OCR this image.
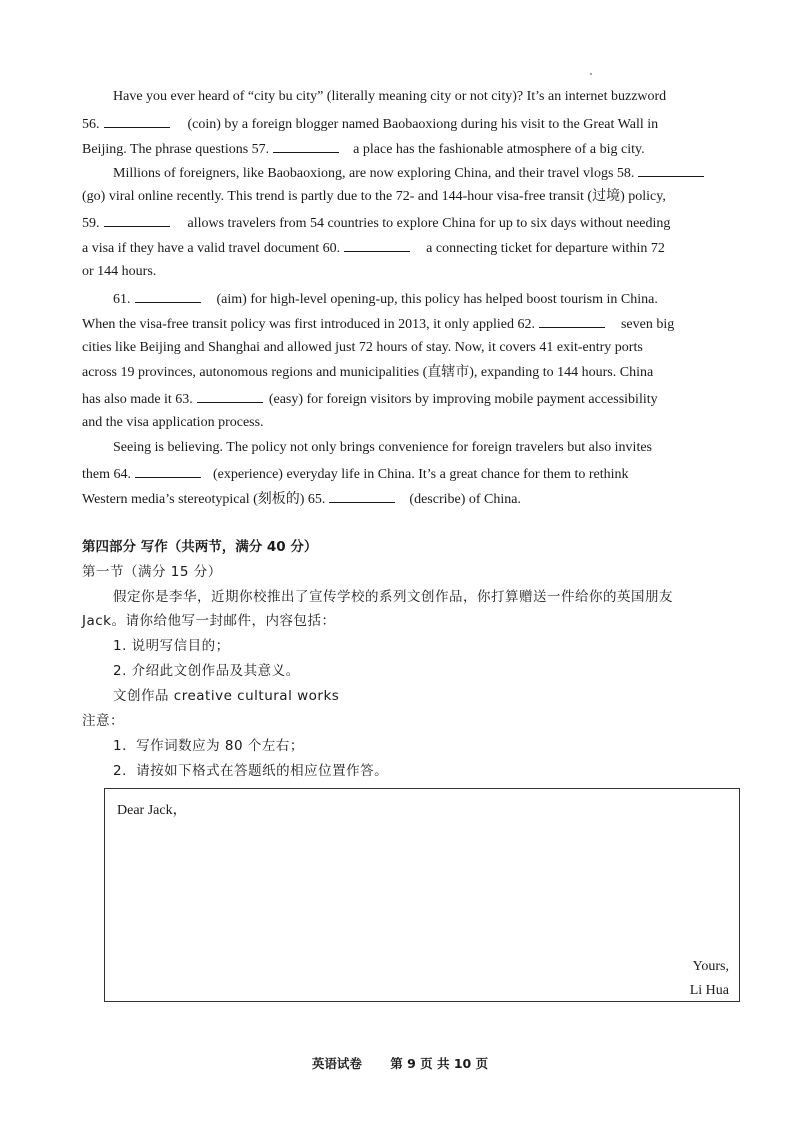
Have you ever heard of “city bu city” (literally meaning city or not city)? It’s an internet buzzword
56.	(coin) by a foreign blogger named Baobaoxiong during his visit to the Great Wall in
Beijing. The phrase questions 57.	a place has the fashionable atmosphere of a big city.
Millions of foreigners, like Baobaoxiong, are now exploring China, and their travel vlogs 58.
(go) viral online recently. This trend is partly due to the 72- and 144-hour visa-free transit (过境) policy,
59.	allows travelers from 54 countries to explore China for up to six days without needing
a visa if they have a valid travel document 60.	a connecting ticket for departure within 72
or 144 hours.
61.	(aim) for high-level opening-up, this policy has helped boost tourism in China.
When the visa-free transit policy was first introduced in 2013, it only applied 62.	seven big
cities like Beijing and Shanghai and allowed just 72 hours of stay. Now, it covers 41 exit-entry ports
across 19 provinces, autonomous regions and municipalities (直辖市), expanding to 144 hours. China
has also made it 63.	(easy) for foreign visitors by improving mobile payment accessibility
and the visa application process.
Seeing is believing. The policy not only brings convenience for foreign travelers but also invites
them 64.	(experience) everyday life in China. It’s a great chance for them to rethink
Western media’s stereotypical (刻板的) 65.	(describe) of China.
第四部分 写作（共两节，满分 40 分）
第一节（满分 15 分）
假定你是李华，近期你校推出了宣传学校的系列文创作品，你打算赠送一件给你的英国朋友
Jack。请你给他写一封邮件，内容包括：
1. 说明写信目的；
2. 介绍此文创作品及其意义。
文创作品 creative cultural works
注意：
1．写作词数应为 80 个左右；
2．请按如下格式在答题纸的相应位置作答。
Dear Jack，
Yours,
Li Hua
英语试卷 第 9 页 共 10 页
